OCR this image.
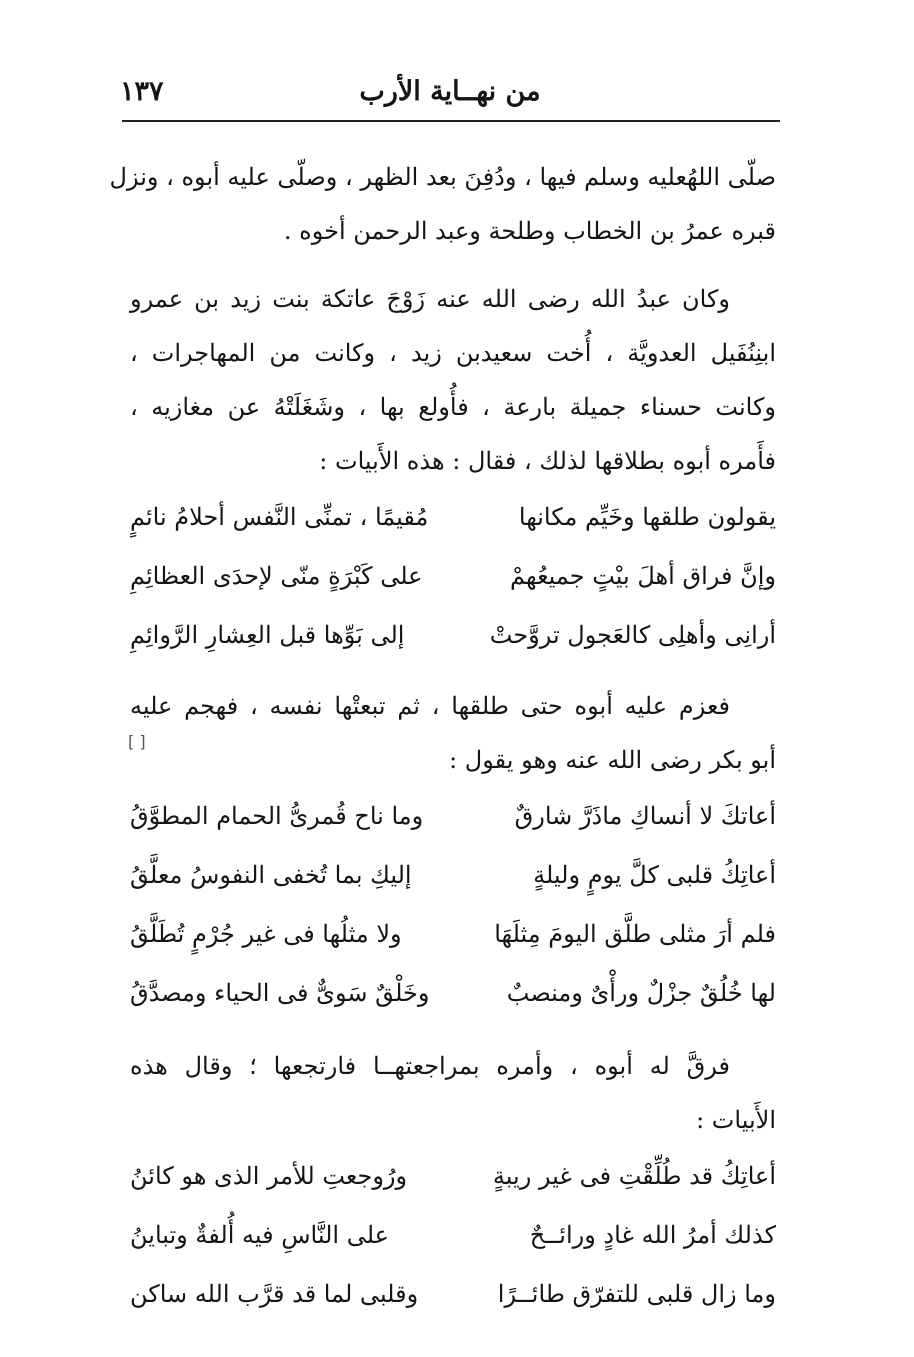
من نهــاية الأرب
١٣٧
[ ]

صلّى اللهُعليه وسلم فيها ، ودُفِنَ بعد الظهر ، وصلّى عليه أبوه ، ونزل

قبره عمرُ بن الخطاب وطلحة وعبد الرحمن أخوه .

وكان عبدُ الله رضى الله عنه زَوْجَ عاتكة بنت زيد بن عمرو

ابنِنُفَيل العدويَّة ، أُخت سعيدبن زيد ، وكانت من المهاجرات ،

وكانت حسناء جميلة بارعة ، فأُولع بها ، وشَغَلَتْهُ عن مغازيه ،

فأَمره أبوه بطلاقها لذلك ، فقال : هذه الأَبيات :

يقولون طلقها وخَيِّم مكانها
مُقيمًا ، تمنِّى النَّفس أحلامُ نائمٍ
وإنَّ فراق أهلَ بيْتٍ جميعُهمْ
على كَبْرَةٍ منّى لإحدَى العظائِمِ
أرانِى وأهلِى كالعَجول تروَّحتْ
إلى بَوِّها قبل العِشارِ الرَّوائِمِ

فعزم عليه أبوه حتى طلقها ، ثم تبعتْها نفسه ، فهجم عليه

أبو بكر رضى الله عنه وهو يقول :

أعاتكَ لا أنساكِ ماذَرَّ شارقٌ
وما ناح قُمرىُّ الحمام المطوَّقُ
أعاتِكُ قلبى كلَّ يومٍ وليلةٍ
إليكِ بما تُخفى النفوسُ معلَّقُ
فلم أرَ مثلى طلَّق اليومَ مِثلَهَا
ولا مثلُها فى غير جُرْمٍ تُطَلَّقُ
لها خُلُقٌ جزْلٌ ورأْىٌ ومنصبٌ
وخَلْقٌ سَوىٌّ فى الحياء ومصدَّقُ

فرقَّ له أبوه ، وأمره بمراجعتهــا فارتجعها ؛ وقال هذه

الأَبيات :

أعاتِكُ قد طُلِّقْتِ فى غير ريبةٍ
ورُوجعتِ للأمر الذى هو كائنُ
كذلك أمرُ الله غادٍ ورائــحٌ
على النَّاسِ فيه أُلفةٌ وتباينُ
وما زال قلبى للتفرّق طائــرًا
وقلبى لما قد قرَّب الله ساكن
